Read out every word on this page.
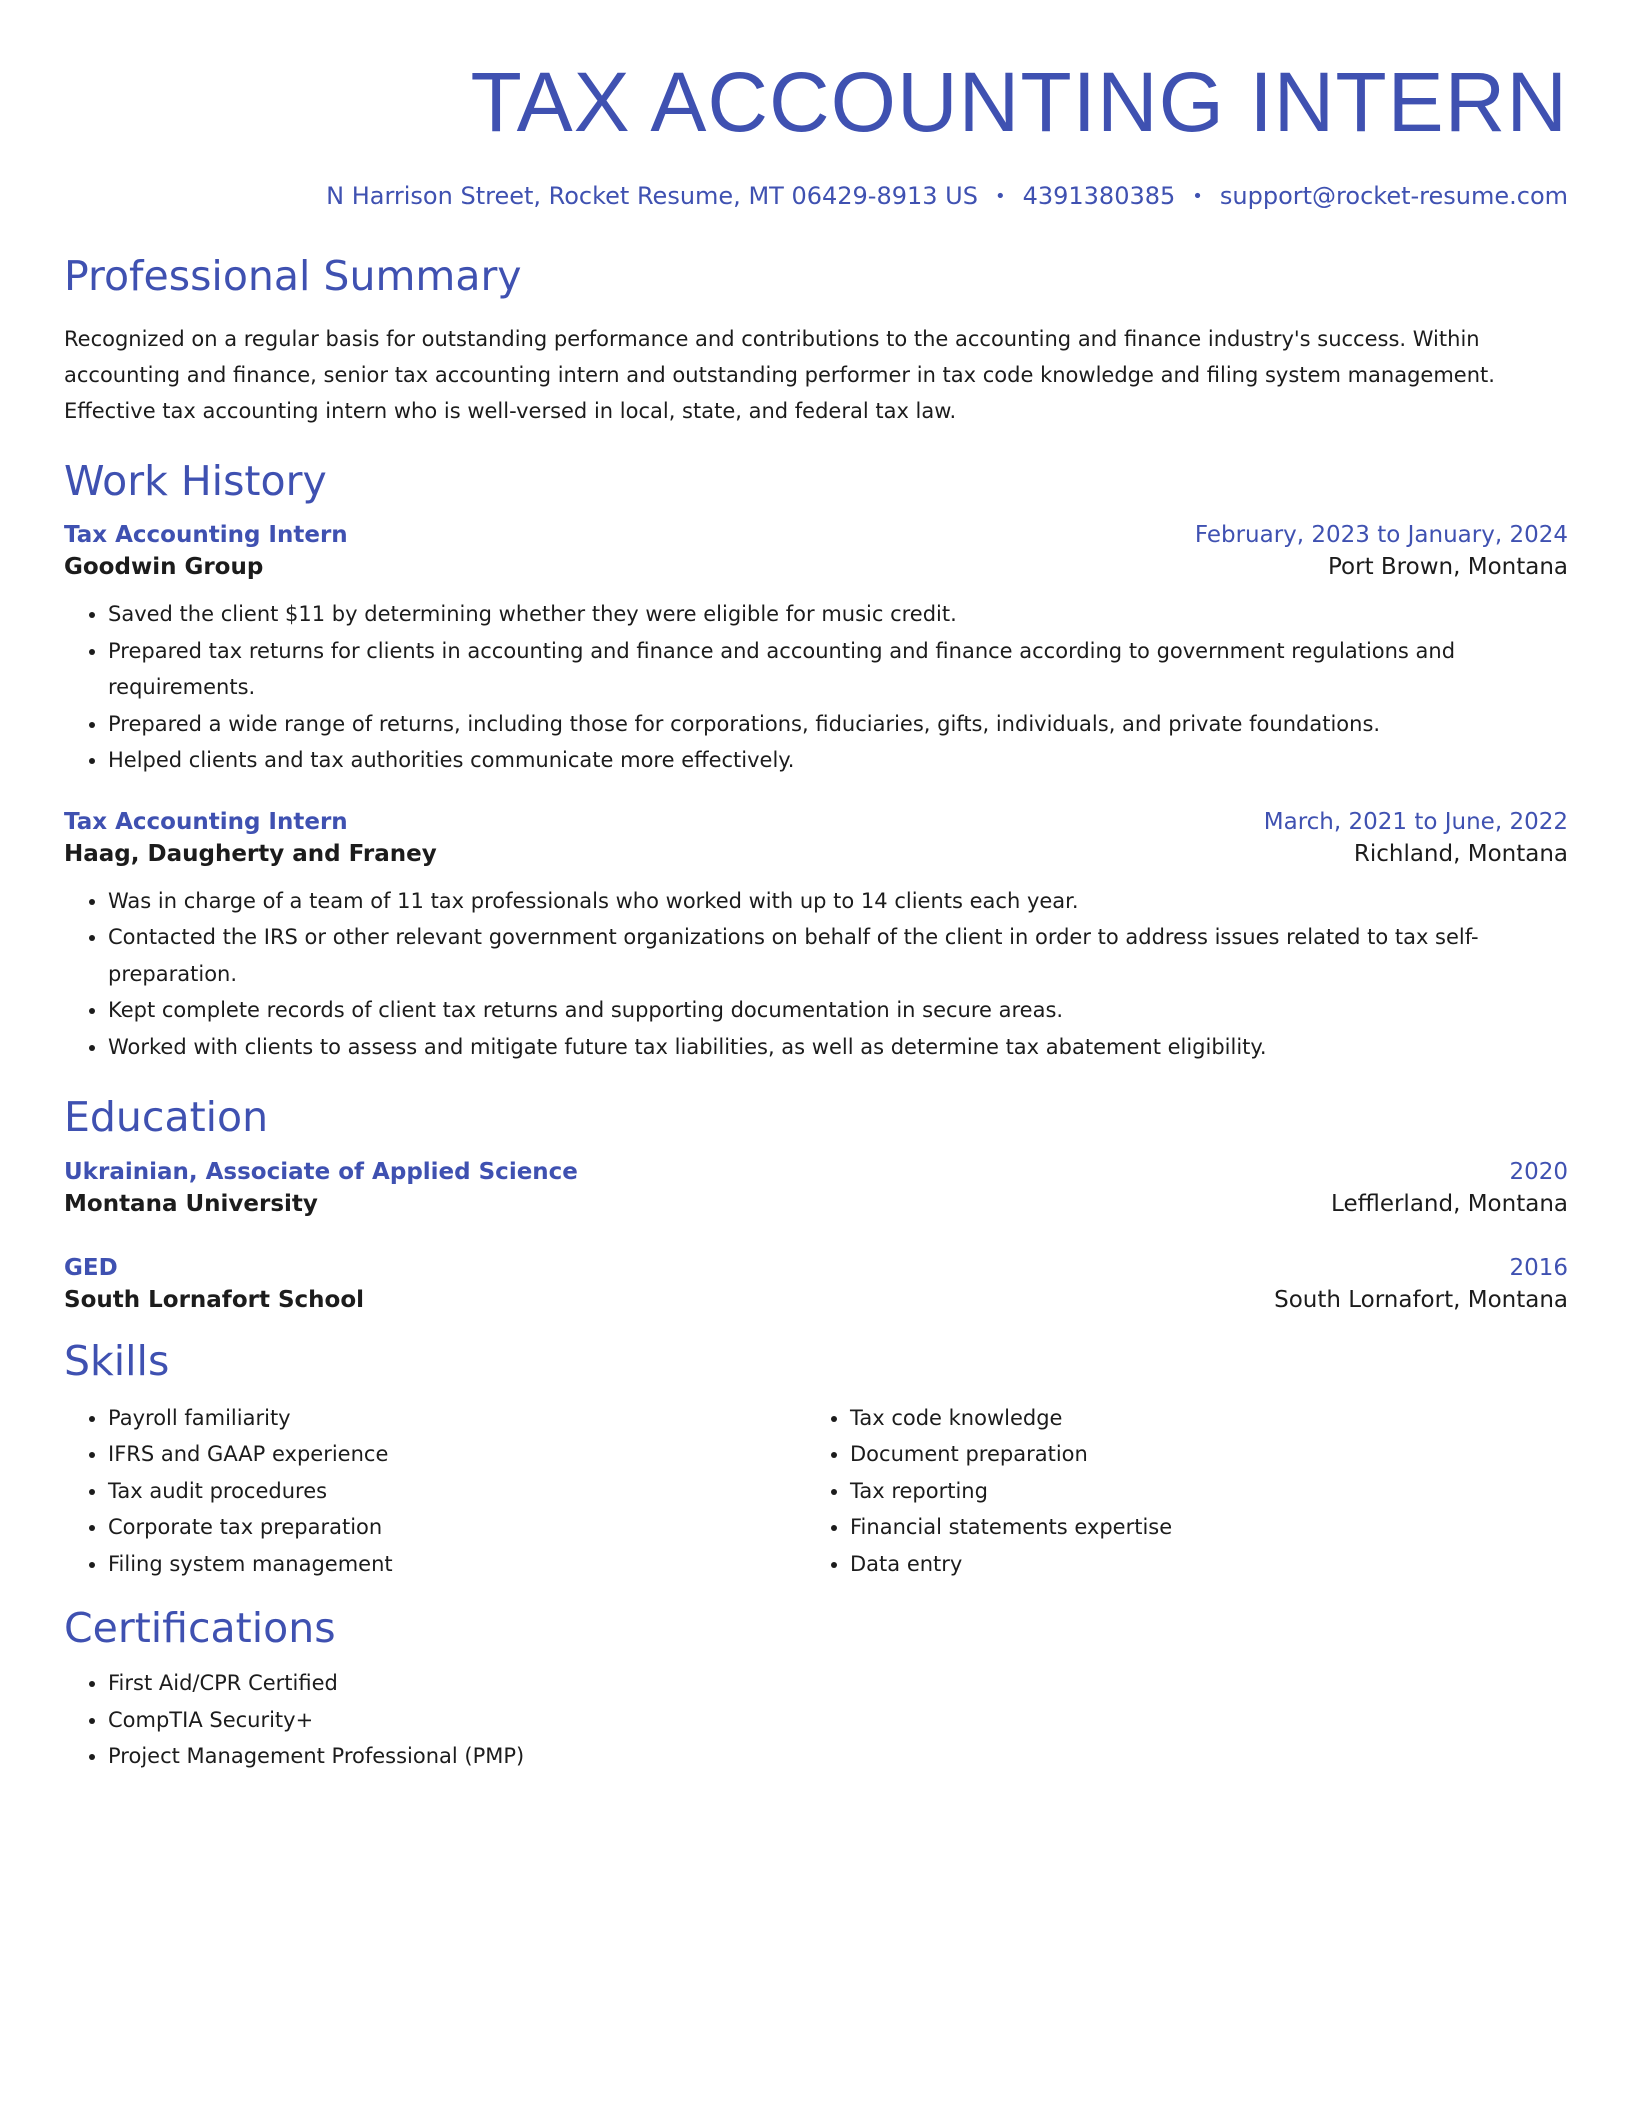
TAX ACCOUNTING INTERN
N Harrison Street, Rocket Resume, MT 06429-8913 US • 4391380385 • support@rocket-resume.com
Professional Summary

Recognized on a regular basis for outstanding performance and contributions to the accounting and finance industry's success. Within accounting and finance, senior tax accounting intern and outstanding performer in tax code knowledge and filing system management. Effective tax accounting intern who is well-versed in local, state, and federal tax law.

Work History
Tax Accounting Intern	February, 2023 to January, 2024
Goodwin Group	Port Brown, Montana
• Saved the client $11 by determining whether they were eligible for music credit.
• Prepared tax returns for clients in accounting and finance and accounting and finance according to government regulations and requirements.
• Prepared a wide range of returns, including those for corporations, fiduciaries, gifts, individuals, and private foundations.
• Helped clients and tax authorities communicate more effectively.
Tax Accounting Intern	March, 2021 to June, 2022
Haag, Daugherty and Franey	Richland, Montana
• Was in charge of a team of 11 tax professionals who worked with up to 14 clients each year.
• Contacted the IRS or other relevant government organizations on behalf of the client in order to address issues related to tax self-preparation.
• Kept complete records of client tax returns and supporting documentation in secure areas.
• Worked with clients to assess and mitigate future tax liabilities, as well as determine tax abatement eligibility.
Education
Ukrainian, Associate of Applied Science	2020
Montana University	Lefflerland, Montana
GED	2016
South Lornafort School	South Lornafort, Montana
Skills
• Payroll familiarity
• IFRS and GAAP experience
• Tax audit procedures
• Corporate tax preparation
• Filing system management
• Tax code knowledge
• Document preparation
• Tax reporting
• Financial statements expertise
• Data entry
Certifications
• First Aid/CPR Certified
• CompTIA Security+
• Project Management Professional (PMP)
